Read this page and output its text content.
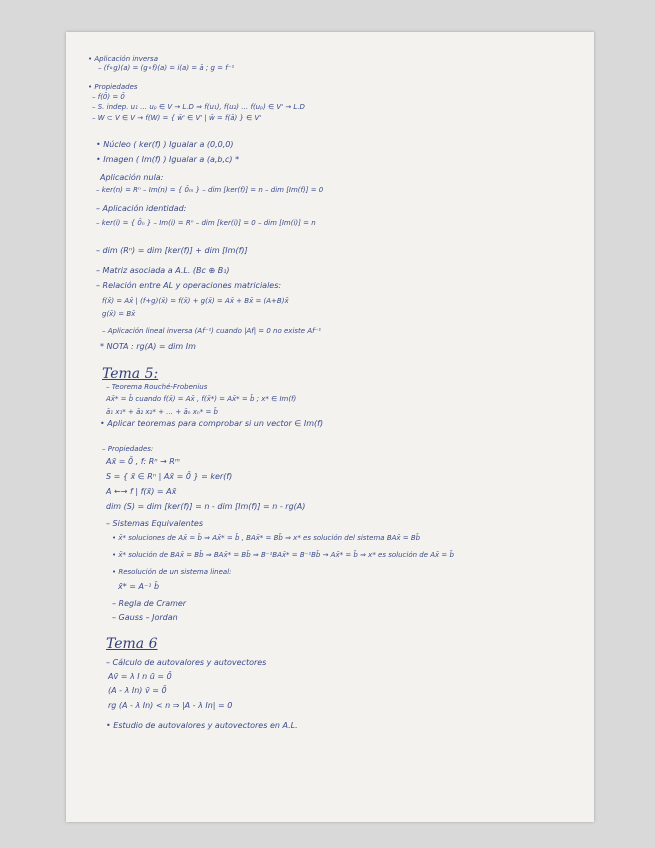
• Aplicación inversa

– (f∘g)(a) = (g∘f)(a) = i(a) = ā ; g = f⁻¹

• Propiedades

– f(0̄) = 0̄

– S. indep. u₁ … uₚ ∈ V → L.D ⇒ f(u₁), f(u₂) … f(uₚ) ∈ V' → L.D

– W ⊂ V ∈ V → f(W) = { w̄' ∈ V' | w̄ = f(ā) } ∈ V'

• Núcleo ( ker(f) ) Igualar a (0,0,0)

• Imagen ( Im(f) ) Igualar a (a,b,c) *

Aplicación nula:

– ker(n) = Rⁿ – Im(n) = { 0̄ₘ } – dim [ker(f)] = n – dim [Im(f)] = 0

– Aplicación identidad:

– ker(i) = { 0̄ₙ } – Im(i) = Rⁿ – dim [ker(i)] = 0 – dim [Im(i)] = n

– dim (Rⁿ) = dim [ker(f)] + dim [Im(f)]

– Matriz asociada a A.L. (Bc ⊕ B₁)

– Relación entre AL y operaciones matriciales:

f(x̄) = Ax̄ | (f+g)(x̄) = f(x̄) + g(x̄) = Ax̄ + Bx̄ = (A+B)x̄

g(x̄) = Bx̄

– Aplicación lineal inversa (Af⁻¹) cuando |Af| = 0 no existe Af⁻¹

* NOTA : rg(A) = dim Im

Tema 5:

– Teorema Rouché-Frobenius

Ax̄* = b̄ cuando f(x̄) = Ax̄ , f(x̄*) = Ax̄* = b̄ ; x* ∈ Im(f)

ā₁ x₁* + ā₂ x₂* + … + āₙ xₙ* = b̄

• Aplicar teoremas para comprobar si un vector ∈ Im(f)

– Propiedades:

Ax̄ = 0̄ , f: Rⁿ → Rᵐ

S = { x̄ ∈ Rⁿ | Ax̄ = 0̄ } = ker(f)

A ←→ f | f(x̄) = Ax̄

dim (S) = dim [ker(f)] = n - dim [Im(f)] = n - rg(A)

– Sistemas Equivalentes

• x̄* soluciones de Ax̄ = b̄ ⇒ Ax̄* = b̄ , BAx̄* = Bb̄ ⇒ x* es solución del sistema BAx̄ = Bb̄

• x̄* solución de BAx̄ = Bb̄ ⇒ BAx̄* = Bb̄ ⇒ B⁻¹BAx̄* = B⁻¹Bb̄ → Ax̄* = b̄ ⇒ x* es solución de Ax̄ = b̄

• Resolución de un sistema lineal:

x̄* = A⁻¹ b̄

– Regla de Cramer

– Gauss – Jordan

Tema 6

– Cálculo de autovalores y autovectores

Av̄ = λ I n ū = 0̄

(A - λ In) v̄ = 0̄

rg (A - λ In) < n ⇒ |A - λ In| = 0

• Estudio de autovalores y autovectores en A.L.
